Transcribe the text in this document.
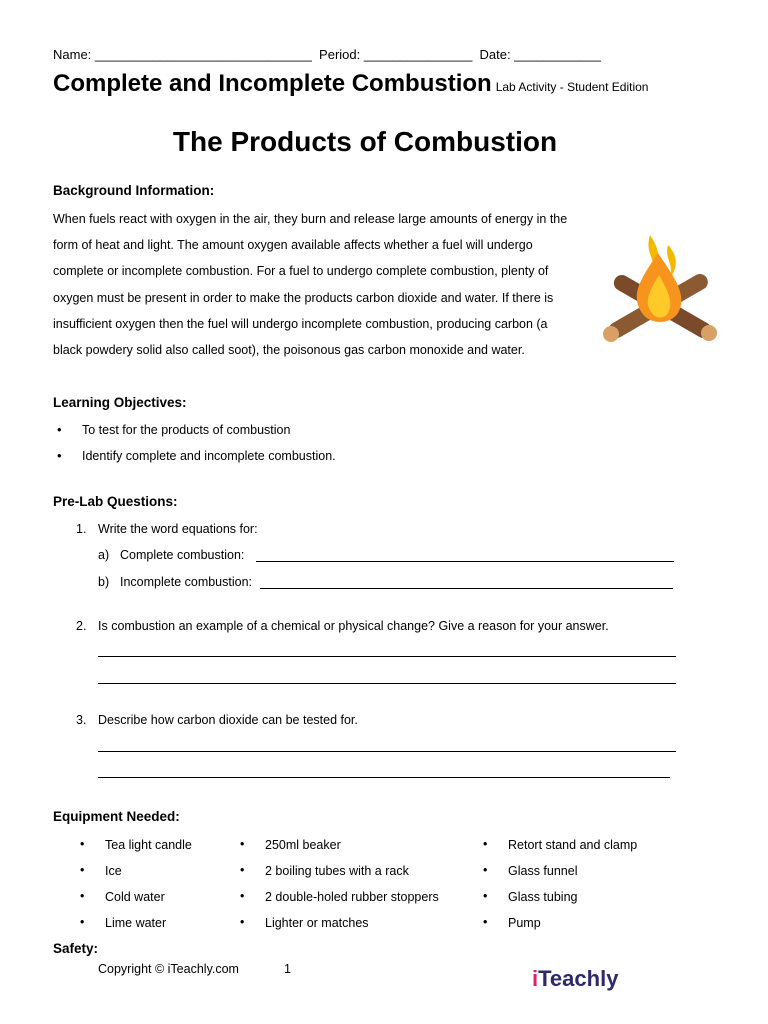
Name: ______________________________ Period: _______________ Date: ____________
Complete and Incomplete Combustion Lab Activity - Student Edition
The Products of Combustion
Background Information:
When fuels react with oxygen in the air, they burn and release large amounts of energy in the form of heat and light. The amount oxygen available affects whether a fuel will undergo complete or incomplete combustion. For a fuel to undergo complete combustion, plenty of oxygen must be present in order to make the products carbon dioxide and water. If there is insufficient oxygen then the fuel will undergo incomplete combustion, producing carbon (a black powdery solid also called soot), the poisonous gas carbon monoxide and water.
Learning Objectives:
• To test for the products of combustion
• Identify complete and incomplete combustion.
Pre-Lab Questions:
1. Write the word equations for:
a) Complete combustion:
b) Incomplete combustion:
2. Is combustion an example of a chemical or physical change? Give a reason for your answer.
3. Describe how carbon dioxide can be tested for.
Equipment Needed:
• Tea light candle
• Ice
• Cold water
• Lime water
• 250ml beaker
• 2 boiling tubes with a rack
• 2 double-holed rubber stoppers
• Lighter or matches
• Retort stand and clamp
• Glass funnel
• Glass tubing
• Pump
Safety:
Copyright © iTeachly.com	1	iTeachly
